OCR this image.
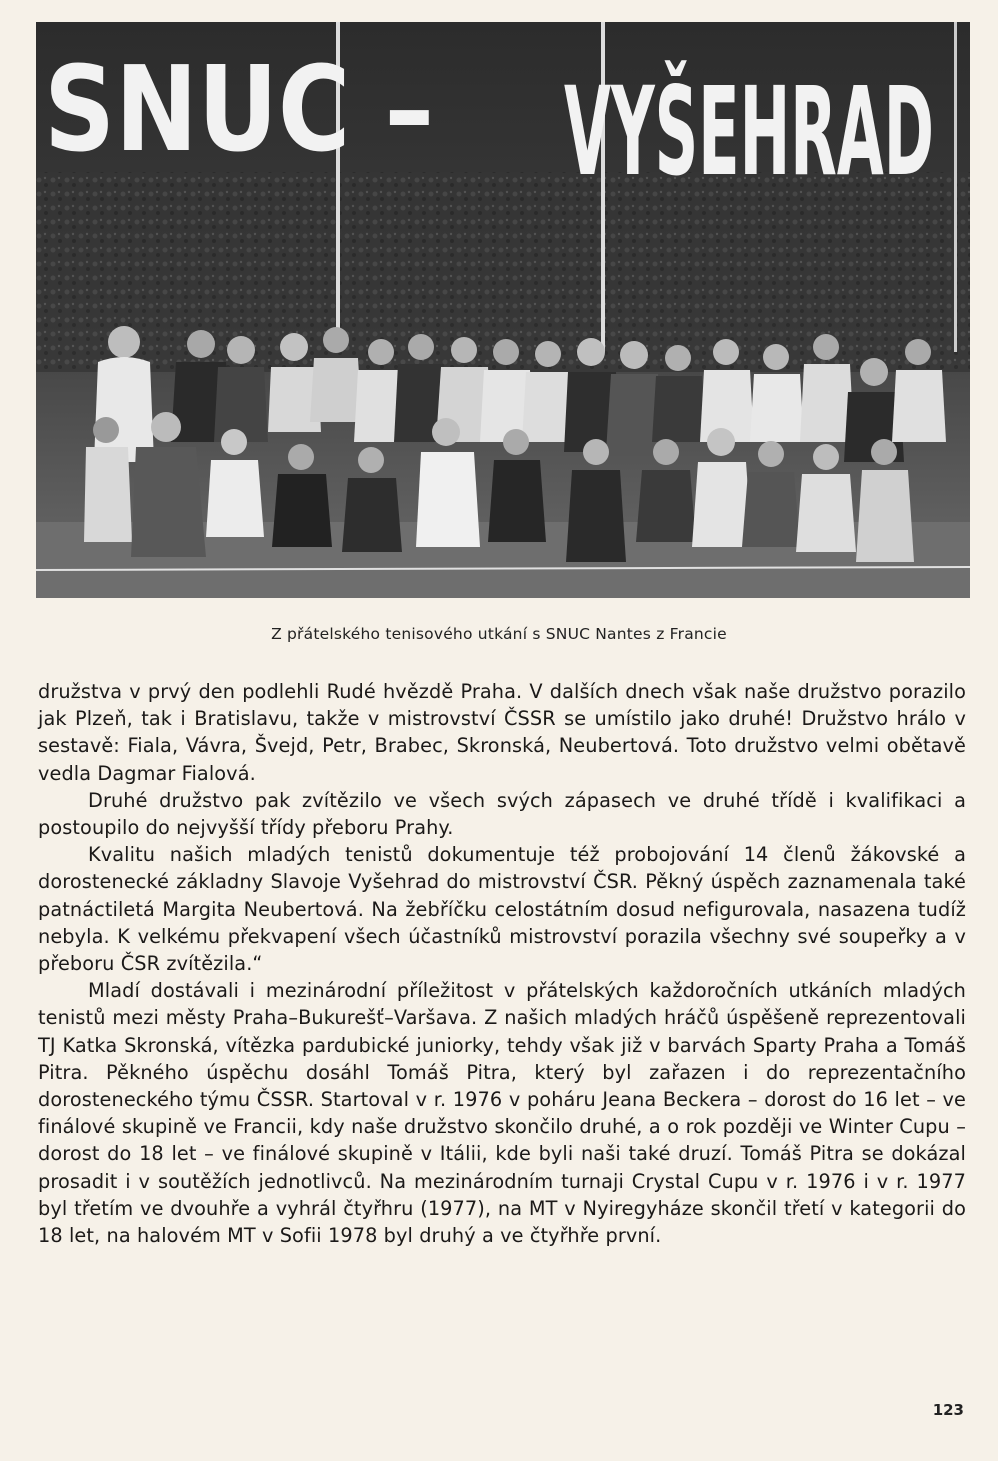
SNUC – VYŠEHRAD
Z přátelského tenisového utkání s SNUC Nantes z Francie

družstva v prvý den podlehli Rudé hvězdě Praha. V dalších dnech však naše družstvo porazilo jak Plzeň, tak i Bratislavu, takže v mistrovství ČSSR se umístilo jako druhé! Družstvo hrálo v sestavě: Fiala, Vávra, Švejd, Petr, Brabec, Skronská, Neubertová. Toto družstvo velmi obětavě vedla Dagmar Fialová.

Druhé družstvo pak zvítězilo ve všech svých zápasech ve druhé třídě i kvalifikaci a postoupilo do nejvyšší třídy přeboru Prahy.

Kvalitu našich mladých tenistů dokumentuje též probojování 14 členů žákovské a dorostenecké základny Slavoje Vyšehrad do mistrovství ČSR. Pěkný úspěch zaznamenala také patnáctiletá Margita Neubertová. Na žebříčku celostátním dosud nefigurovala, nasazena tudíž nebyla. K velkému překvapení všech účastníků mistrovství porazila všechny své soupeřky a v přeboru ČSR zvítězila.“

Mladí dostávali i mezinárodní příležitost v přátelských každoročních utkáních mladých tenistů mezi městy Praha–Bukurešť–Varšava. Z našich mladých hráčů úspěšeně reprezentovali TJ Katka Skronská, vítězka pardubické juniorky, tehdy však již v barvách Sparty Praha a Tomáš Pitra. Pěkného úspěchu dosáhl Tomáš Pitra, který byl zařazen i do reprezentačního dorosteneckého týmu ČSSR. Startoval v r. 1976 v poháru Jeana Beckera – dorost do 16 let – ve finálové skupině ve Francii, kdy naše družstvo skončilo druhé, a o rok později ve Winter Cupu – dorost do 18 let – ve finálové skupině v Itálii, kde byli naši také druzí. Tomáš Pitra se dokázal prosadit i v soutěžích jednotlivců. Na mezinárodním turnaji Crystal Cupu v r. 1976 i v r. 1977 byl třetím ve dvouhře a vyhrál čtyřhru (1977), na MT v Nyiregyháze skončil třetí v kategorii do 18 let, na halovém MT v Sofii 1978 byl druhý a ve čtyřhře první.

123
